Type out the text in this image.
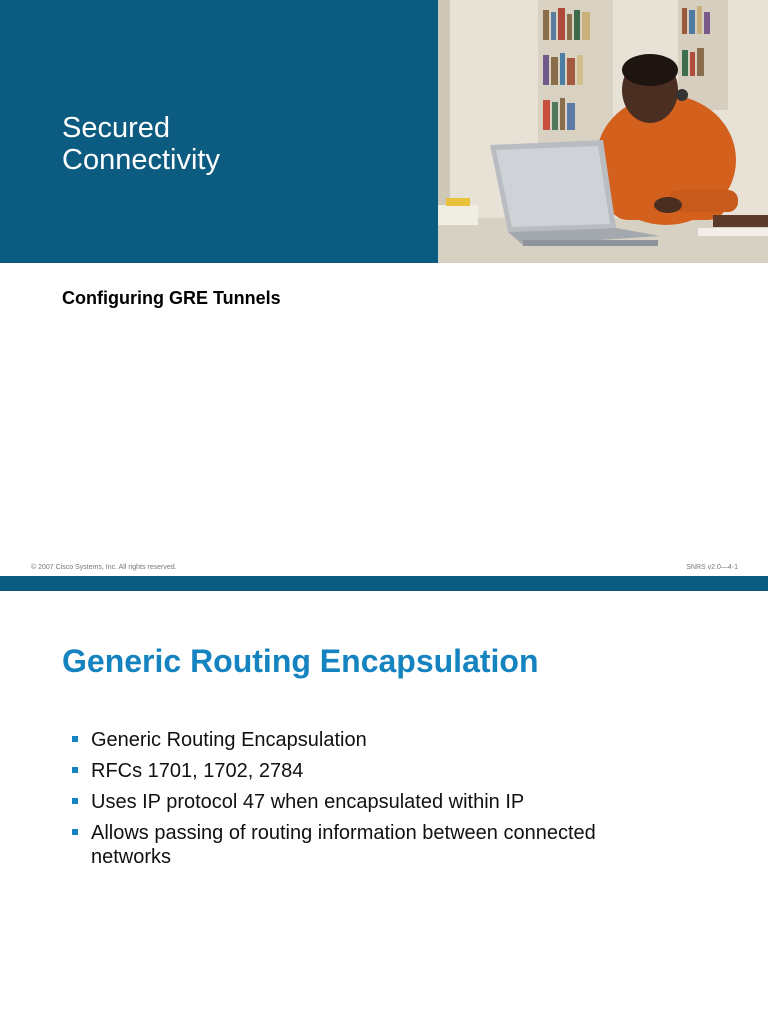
Secured
Connectivity
Configuring GRE Tunnels
© 2007 Cisco Systems, Inc. All rights reserved.	SNRS v2.0—4-1
Generic Routing Encapsulation
Generic Routing Encapsulation
RFCs 1701, 1702, 2784
Uses IP protocol 47 when encapsulated within IP
Allows passing of routing information between connected networks
